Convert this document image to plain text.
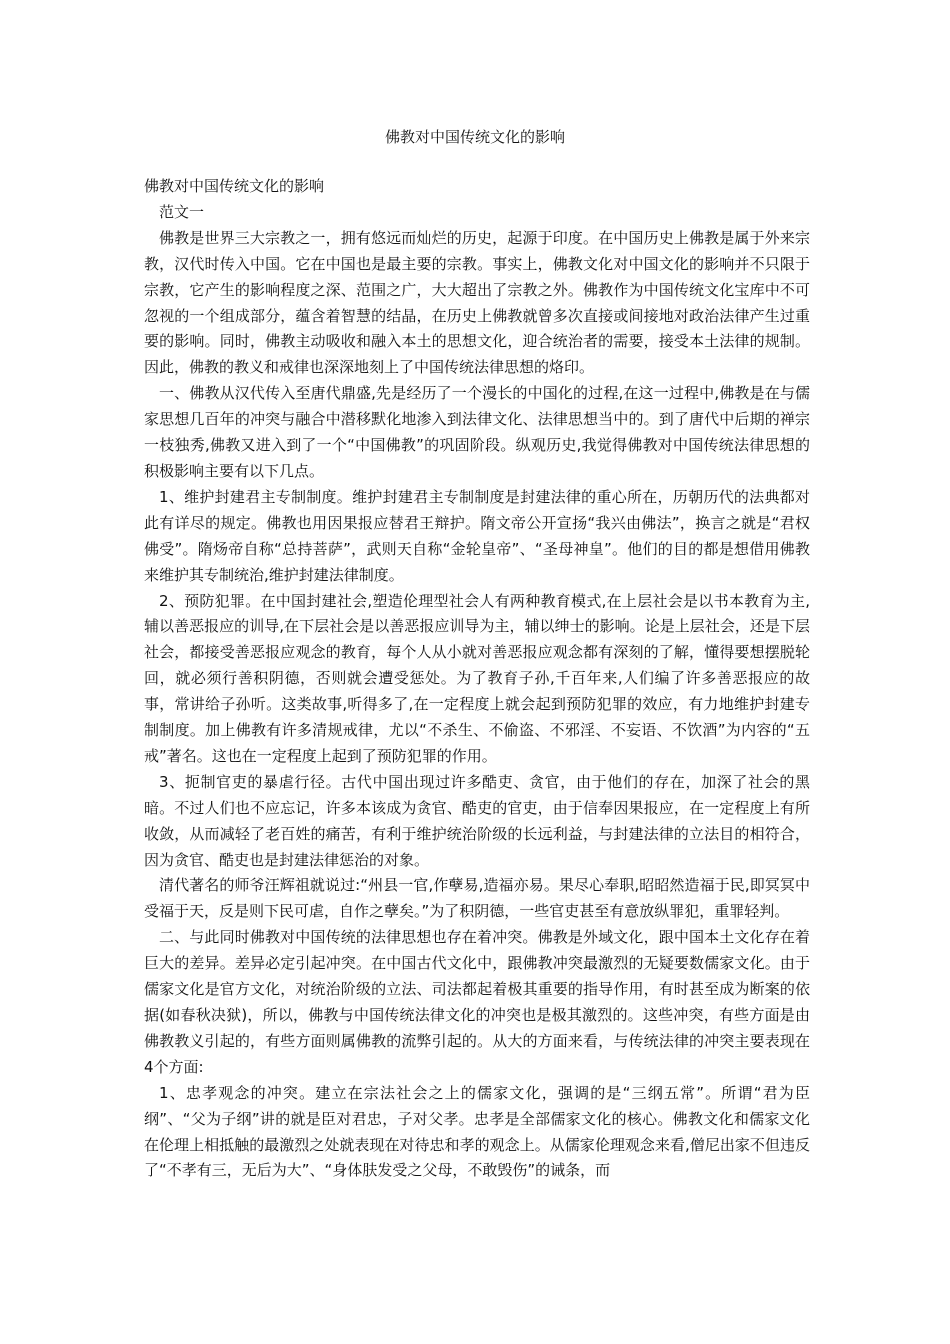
佛教对中国传统文化的影响

佛教对中国传统文化的影响

范文一

佛教是世界三大宗教之一，拥有悠远而灿烂的历史，起源于印度。在中国历史上佛教是属于外来宗教，汉代时传入中国。它在中国也是最主要的宗教。事实上，佛教文化对中国文化的影响并不只限于宗教，它产生的影响程度之深、范围之广，大大超出了宗教之外。佛教作为中国传统文化宝库中不可忽视的一个组成部分，蕴含着智慧的结晶，在历史上佛教就曾多次直接或间接地对政治法律产生过重要的影响。同时，佛教主动吸收和融入本土的思想文化，迎合统治者的需要，接受本土法律的规制。因此，佛教的教义和戒律也深深地刻上了中国传统法律思想的烙印。

一、佛教从汉代传入至唐代鼎盛,先是经历了一个漫长的中国化的过程,在这一过程中,佛教是在与儒家思想几百年的冲突与融合中潜移默化地渗入到法律文化、法律思想当中的。到了唐代中后期的禅宗一枝独秀,佛教又进入到了一个“中国佛教”的巩固阶段。纵观历史,我觉得佛教对中国传统法律思想的积极影响主要有以下几点。

1、维护封建君主专制制度。维护封建君主专制制度是封建法律的重心所在，历朝历代的法典都对此有详尽的规定。佛教也用因果报应替君王辩护。隋文帝公开宣扬“我兴由佛法”，换言之就是“君权佛受”。隋炀帝自称“总持菩萨”，武则天自称“金轮皇帝”、“圣母神皇”。他们的目的都是想借用佛教来维护其专制统治,维护封建法律制度。

2、预防犯罪。在中国封建社会,塑造伦理型社会人有两种教育模式,在上层社会是以书本教育为主,辅以善恶报应的训导,在下层社会是以善恶报应训导为主，辅以绅士的影响。论是上层社会，还是下层社会，都接受善恶报应观念的教育，每个人从小就对善恶报应观念都有深刻的了解，懂得要想摆脱轮回，就必须行善积阴德，否则就会遭受惩处。为了教育子孙,千百年来,人们编了许多善恶报应的故事，常讲给子孙听。这类故事,听得多了,在一定程度上就会起到预防犯罪的效应，有力地维护封建专制制度。加上佛教有许多清规戒律，尤以“不杀生、不偷盗、不邪淫、不妄语、不饮酒”为内容的“五戒”著名。这也在一定程度上起到了预防犯罪的作用。

3、扼制官吏的暴虐行径。古代中国出现过许多酷吏、贪官，由于他们的存在，加深了社会的黑暗。不过人们也不应忘记，许多本该成为贪官、酷吏的官吏，由于信奉因果报应，在一定程度上有所收敛，从而减轻了老百姓的痛苦，有利于维护统治阶级的长远利益，与封建法律的立法目的相符合，因为贪官、酷吏也是封建法律惩治的对象。

清代著名的师爷汪辉祖就说过:“州县一官,作孽易,造福亦易。果尽心奉职,昭昭然造福于民,即冥冥中受福于天，反是则下民可虐，自作之孽矣。”为了积阴德，一些官吏甚至有意放纵罪犯，重罪轻判。

二、与此同时佛教对中国传统的法律思想也存在着冲突。佛教是外域文化，跟中国本土文化存在着巨大的差异。差异必定引起冲突。在中国古代文化中，跟佛教冲突最激烈的无疑要数儒家文化。由于儒家文化是官方文化，对统治阶级的立法、司法都起着极其重要的指导作用，有时甚至成为断案的依据(如春秋决狱)，所以，佛教与中国传统法律文化的冲突也是极其激烈的。这些冲突，有些方面是由佛教教义引起的，有些方面则属佛教的流弊引起的。从大的方面来看，与传统法律的冲突主要表现在4个方面:

1、忠孝观念的冲突。建立在宗法社会之上的儒家文化，强调的是“三纲五常”。所谓“君为臣纲”、“父为子纲”讲的就是臣对君忠，子对父孝。忠孝是全部儒家文化的核心。佛教文化和儒家文化在伦理上相抵触的最激烈之处就表现在对待忠和孝的观念上。从儒家伦理观念来看,僧尼出家不但违反了“不孝有三，无后为大”、“身体肤发受之父母，不敢毁伤”的诫条，而
